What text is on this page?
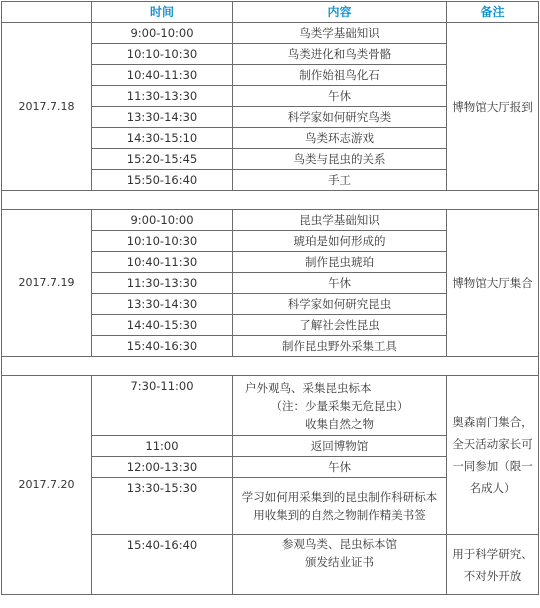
	时间	内容	备注
2017.7.18	9:00-10:00	鸟类学基础知识	博物馆大厅报到
	10:10-10:30	鸟类进化和鸟类骨骼	
	10:40-11:30	制作始祖鸟化石	
	11:30-13:30	午休	
	13:30-14:30	科学家如何研究鸟类	
	14:30-15:10	鸟类环志游戏	
	15:20-15:45	鸟类与昆虫的关系	
	15:50-16:40	手工	

2017.7.19	9:00-10:00	昆虫学基础知识	博物馆大厅集合
	10:10-10:30	琥珀是如何形成的	
	10:40-11:30	制作昆虫琥珀	
	11:30-13:30	午休	
	13:30-14:30	科学家如何研究昆虫	
	14:40-15:30	了解社会性昆虫	
	15:40-16:30	制作昆虫野外采集工具	

2017.7.20	7:30-11:00	户外观鸟、采集昆虫标本
（注：少量采集无危昆虫）
收集自然之物	奥森南门集合，全天活动家长可一同参加（限一名成人）
	11:00	返回博物馆	
	12:00-13:30	午休	
	13:30-15:30	学习如何用采集到的昆虫制作科研标本
用收集到的自然之物制作精美书签	

	15:40-16:40	参观鸟类、昆虫标本馆
颁发结业证书	用于科学研究、不对外开放
